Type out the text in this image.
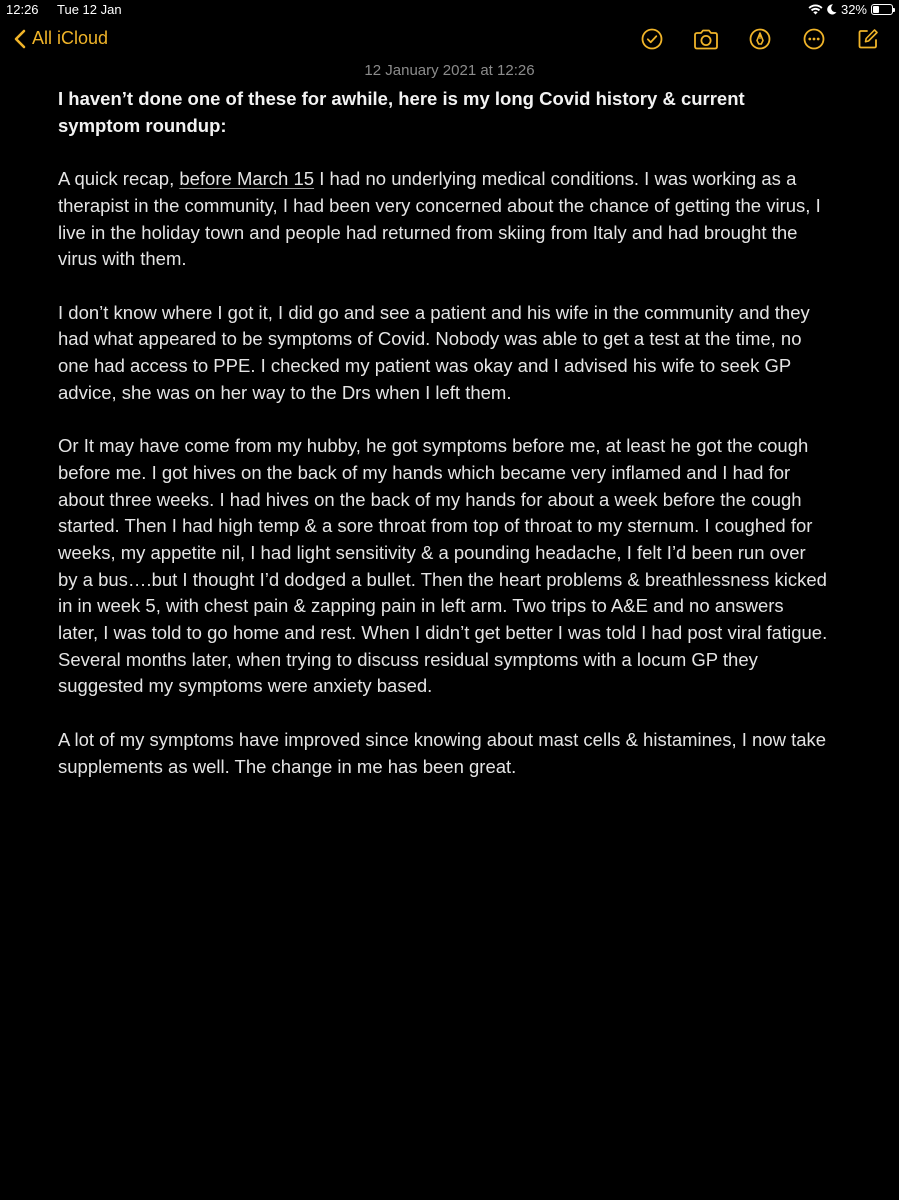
12:26 Tue 12 Jan	32%
All iCloud
12 January 2021 at 12:26

I haven’t done one of these for awhile, here is my long Covid history & current symptom roundup:

A quick recap, before March 15 I had no underlying medical conditions. I was working as a therapist in the community, I had been very concerned about the chance of getting the virus, I live in the holiday town and people had returned from skiing from Italy and had brought the virus with them.

I don’t know where I got it, I did go and see a patient and his wife in the community and they had what appeared to be symptoms of Covid. Nobody was able to get a test at the time, no one had access to PPE. I checked my patient was okay and I advised his wife to seek GP advice, she was on her way to the Drs when I left them.

Or It may have come from my hubby, he got symptoms before me, at least he got the cough before me. I got hives on the back of my hands which became very inflamed and I had for about three weeks. I had hives on the back of my hands for about a week before the cough started. Then I had high temp & a sore throat from top of throat to my sternum. I coughed for weeks, my appetite nil, I had light sensitivity & a pounding headache, I felt I’d been run over by a bus….but I thought I’d dodged a bullet. Then the heart problems & breathlessness kicked in in week 5, with chest pain & zapping pain in left arm. Two trips to A&E and no answers later, I was told to go home and rest. When I didn’t get better I was told I had post viral fatigue. Several months later, when trying to discuss residual symptoms with a locum GP they suggested my symptoms were anxiety based.

A lot of my symptoms have improved since knowing about mast cells & histamines, I now take supplements as well. The change in me has been great.
